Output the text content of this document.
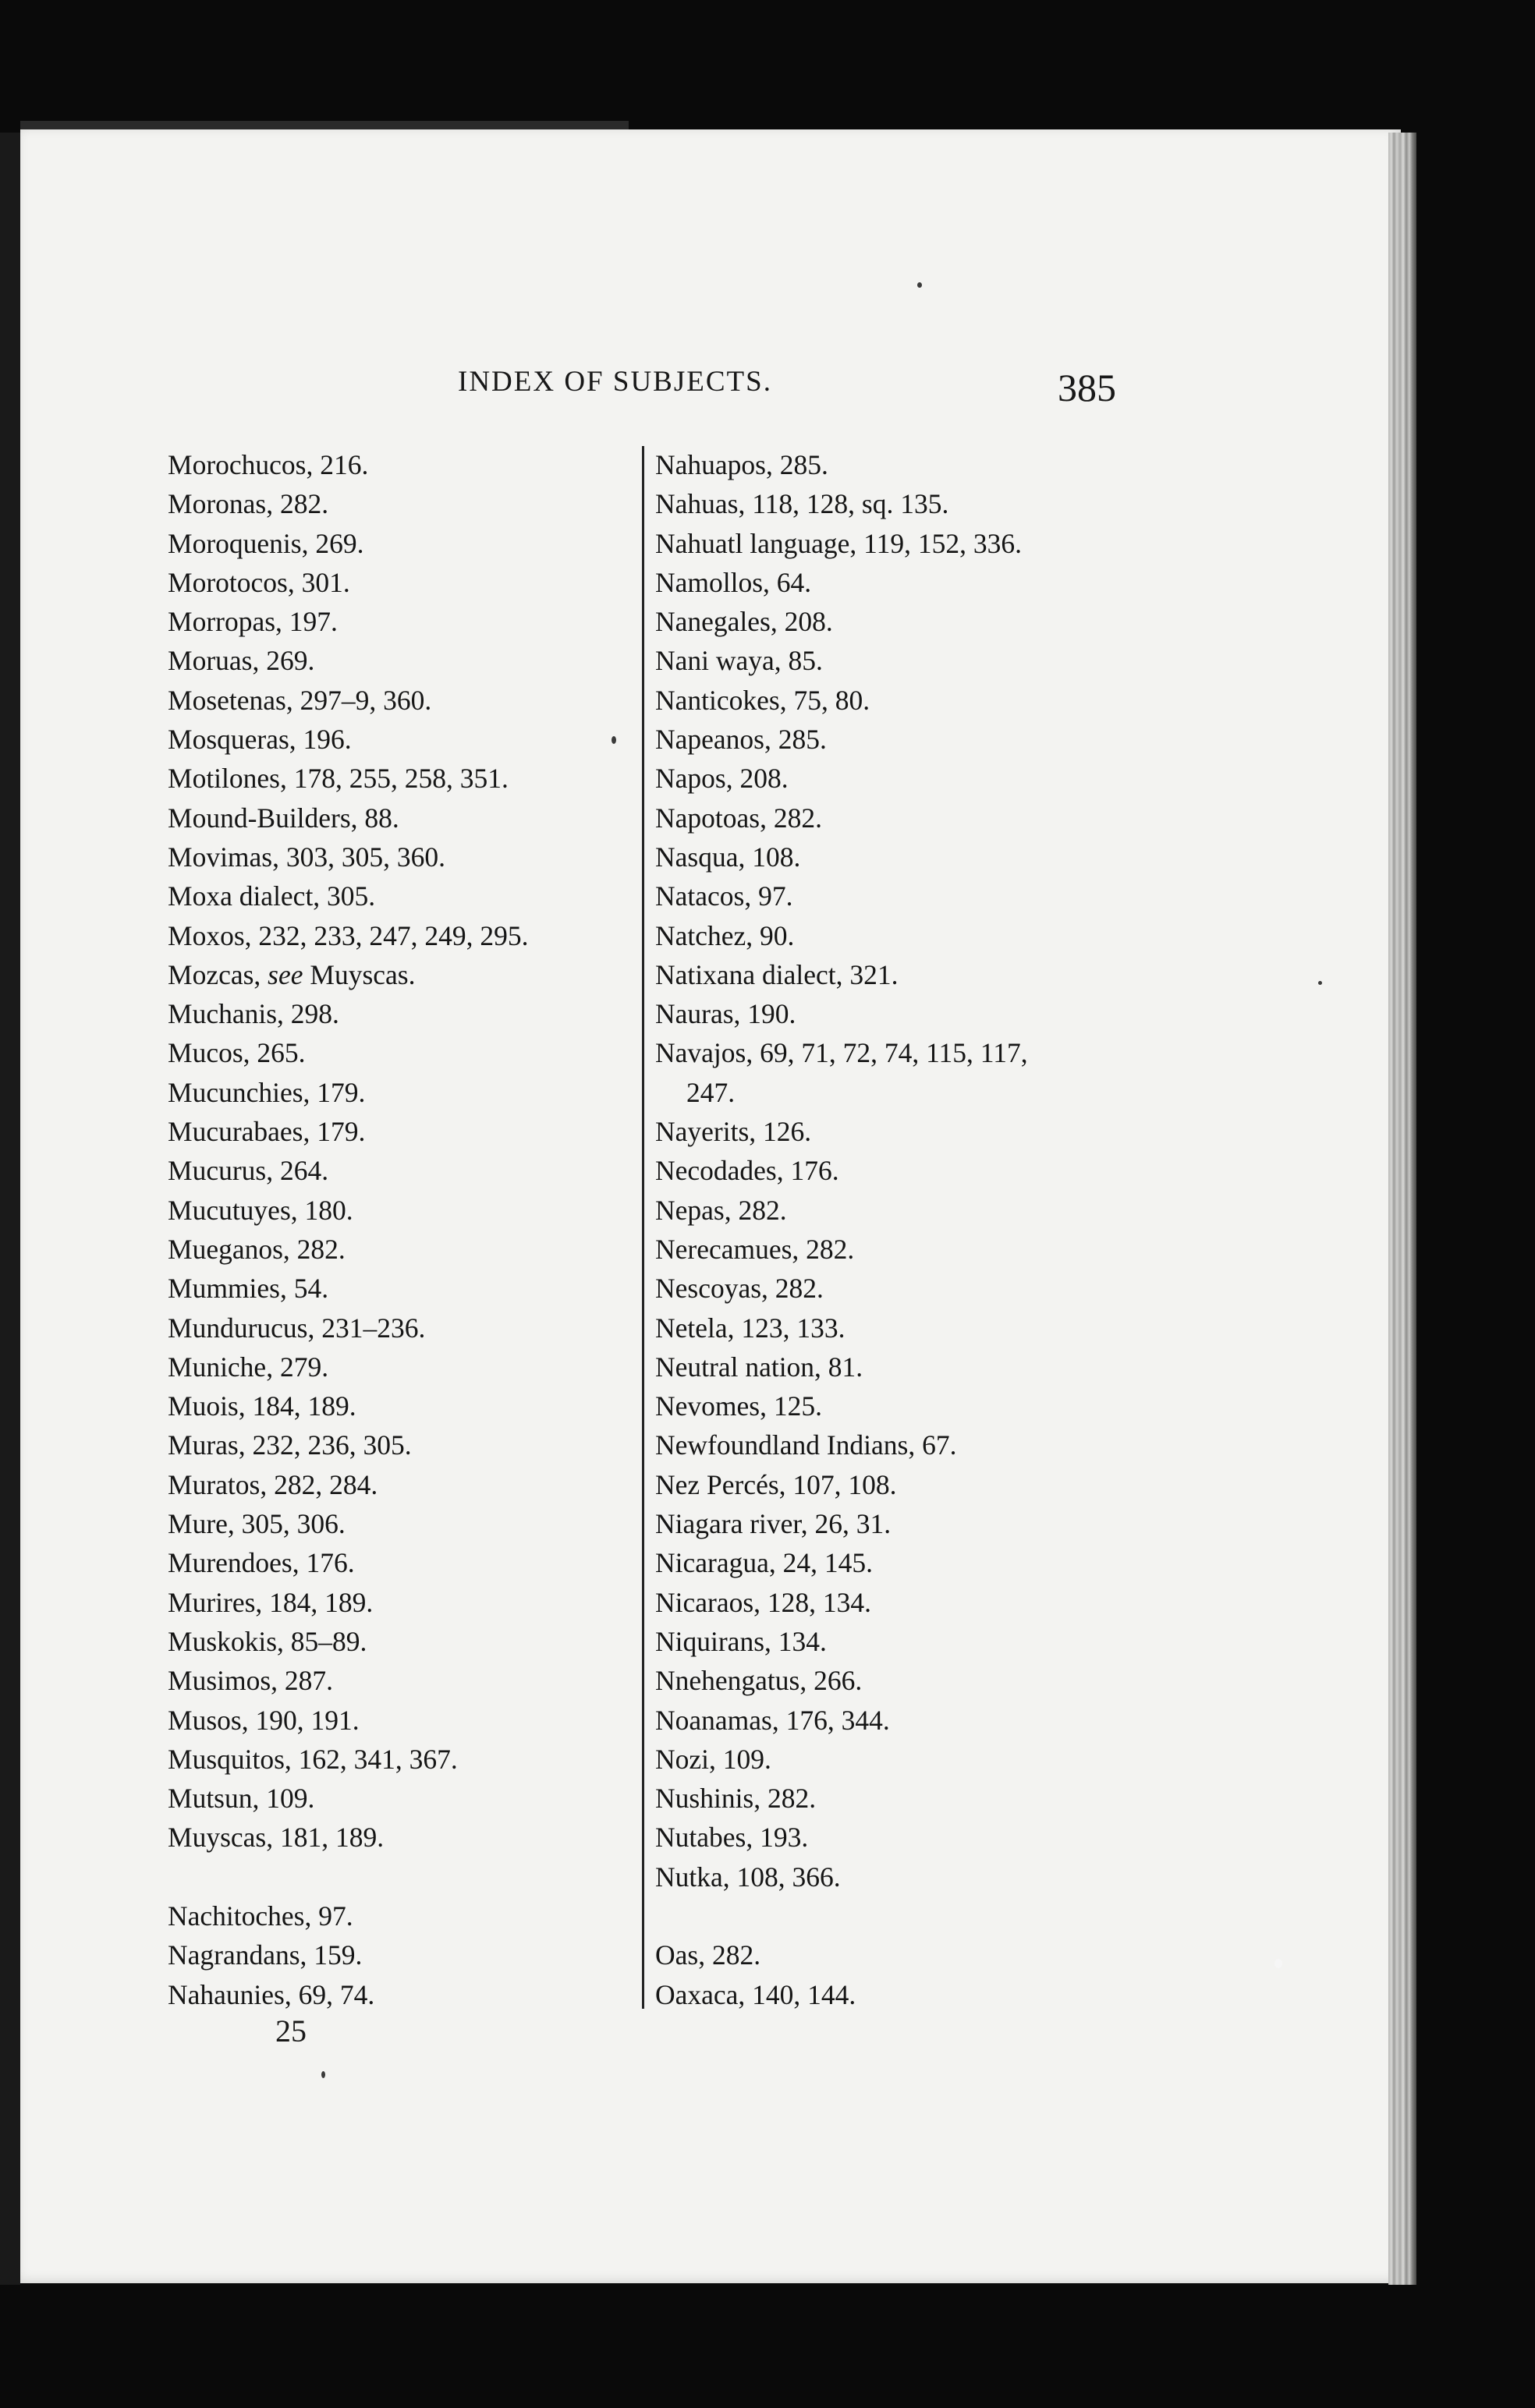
INDEX OF SUBJECTS.	385
Morochucos, 216.
Moronas, 282.
Moroquenis, 269.
Morotocos, 301.
Morropas, 197.
Moruas, 269.
Mosetenas, 297–9, 360.
Mosqueras, 196.
Motilones, 178, 255, 258, 351.
Mound-Builders, 88.
Movimas, 303, 305, 360.
Moxa dialect, 305.
Moxos, 232, 233, 247, 249, 295.
Mozcas, see Muyscas.
Muchanis, 298.
Mucos, 265.
Mucunchies, 179.
Mucurabaes, 179.
Mucurus, 264.
Mucutuyes, 180.
Mueganos, 282.
Mummies, 54.
Mundurucus, 231–236.
Muniche, 279.
Muois, 184, 189.
Muras, 232, 236, 305.
Muratos, 282, 284.
Mure, 305, 306.
Murendoes, 176.
Murires, 184, 189.
Muskokis, 85–89.
Musimos, 287.
Musos, 190, 191.
Musquitos, 162, 341, 367.
Mutsun, 109.
Muyscas, 181, 189.
Nachitoches, 97.
Nagrandans, 159.
Nahaunies, 69, 74.
Nahuapos, 285.
Nahuas, 118, 128, sq. 135.
Nahuatl language, 119, 152, 336.
Namollos, 64.
Nanegales, 208.
Nani waya, 85.
Nanticokes, 75, 80.
Napeanos, 285.
Napos, 208.
Napotoas, 282.
Nasqua, 108.
Natacos, 97.
Natchez, 90.
Natixana dialect, 321.
Nauras, 190.
Navajos, 69, 71, 72, 74, 115, 117,
247.
Nayerits, 126.
Necodades, 176.
Nepas, 282.
Nerecamues, 282.
Nescoyas, 282.
Netela, 123, 133.
Neutral nation, 81.
Nevomes, 125.
Newfoundland Indians, 67.
Nez Percés, 107, 108.
Niagara river, 26, 31.
Nicaragua, 24, 145.
Nicaraos, 128, 134.
Niquirans, 134.
Nnehengatus, 266.
Noanamas, 176, 344.
Nozi, 109.
Nushinis, 282.
Nutabes, 193.
Nutka, 108, 366.
Oas, 282.
Oaxaca, 140, 144.
25
